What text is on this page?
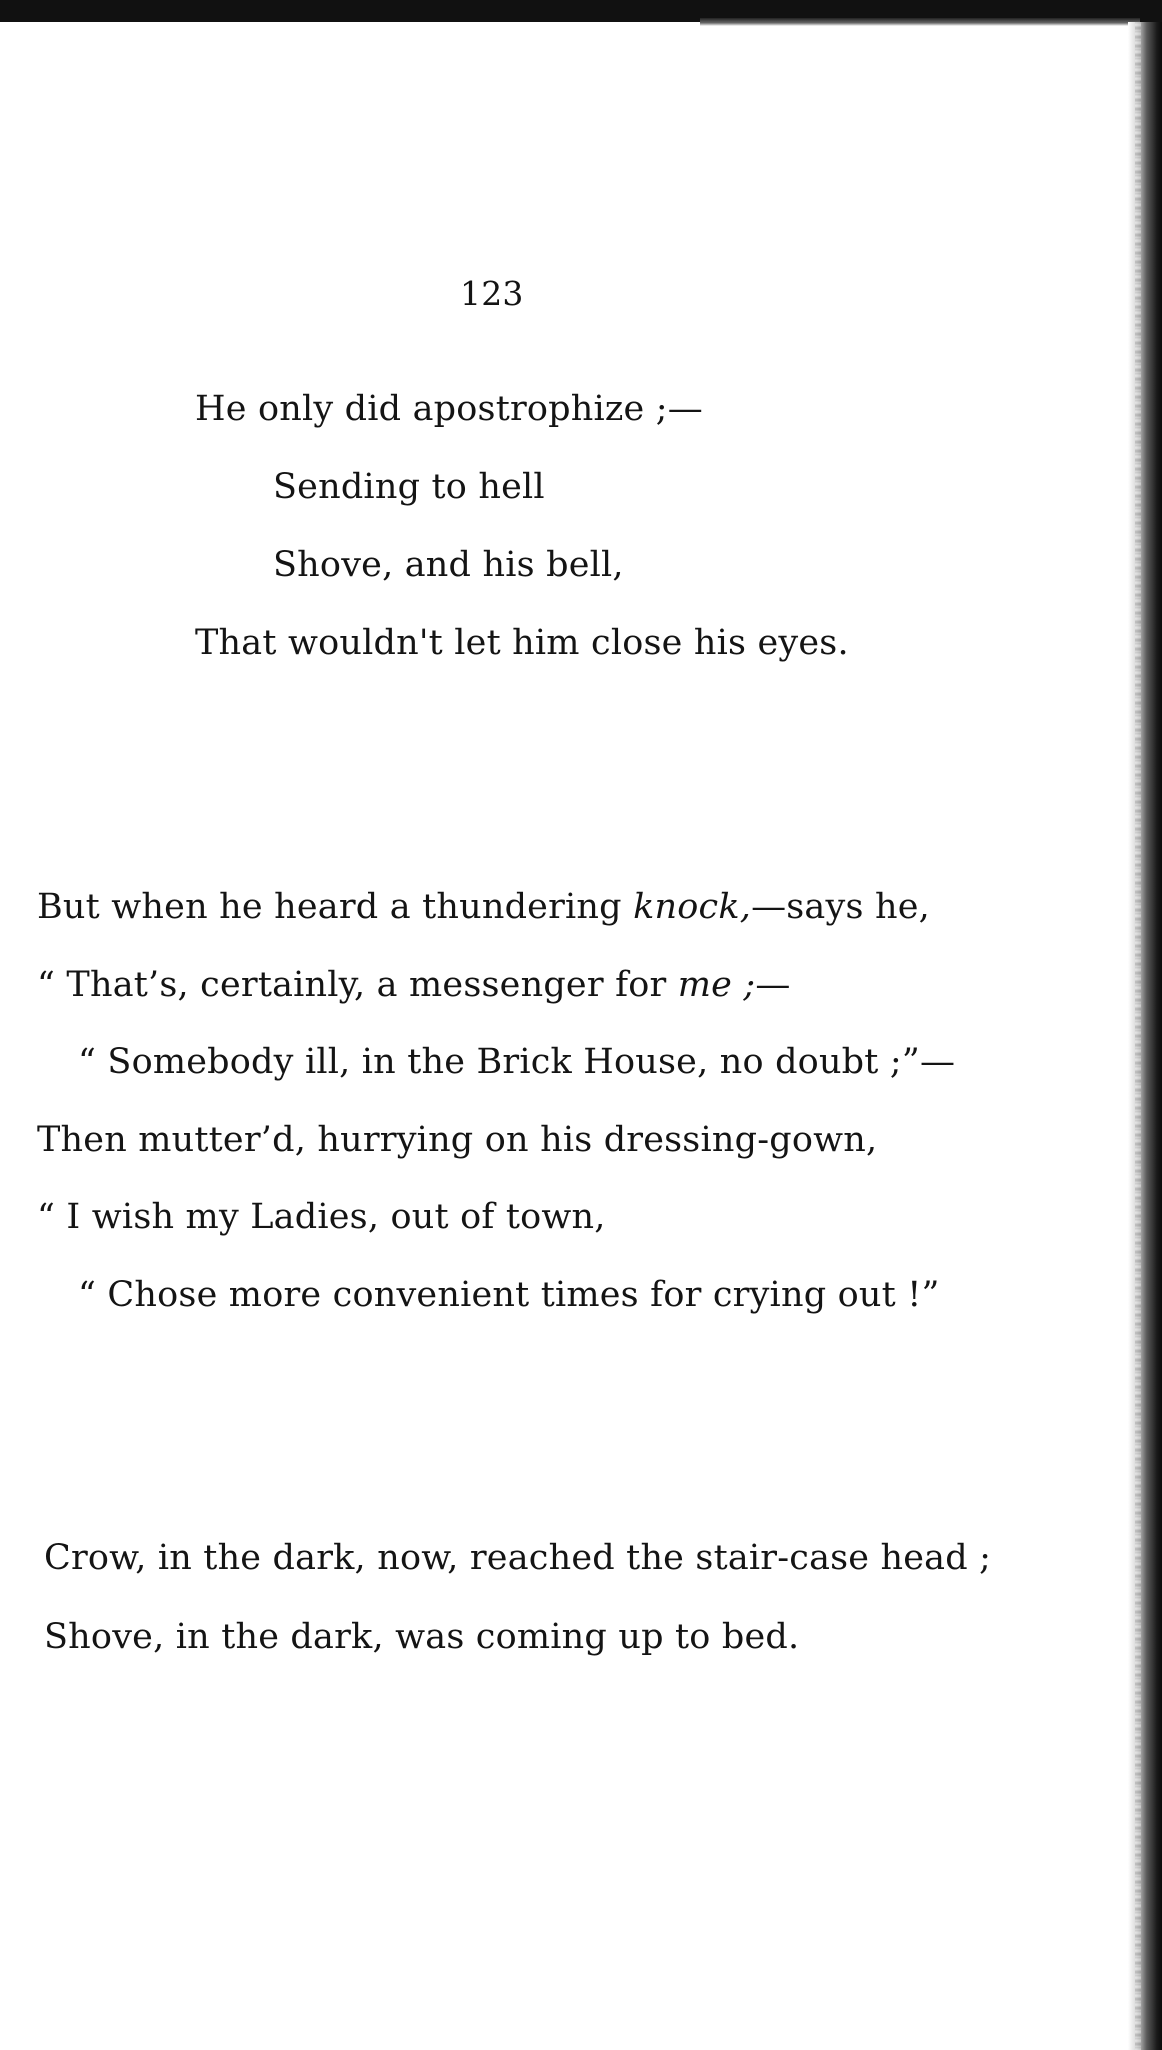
123
He only did apostrophize ;—
Sending to hell
Shove, and his bell,
That wouldn't let him close his eyes.
But when he heard a thundering knock,—says he,
“ That’s, certainly, a messenger for me ;—
“ Somebody ill, in the Brick House, no doubt ;”—
Then mutter’d, hurrying on his dressing-gown,
“ I wish my Ladies, out of town,
“ Chose more convenient times for crying out !”
Crow, in the dark, now, reached the stair-case head ;
Shove, in the dark, was coming up to bed.
